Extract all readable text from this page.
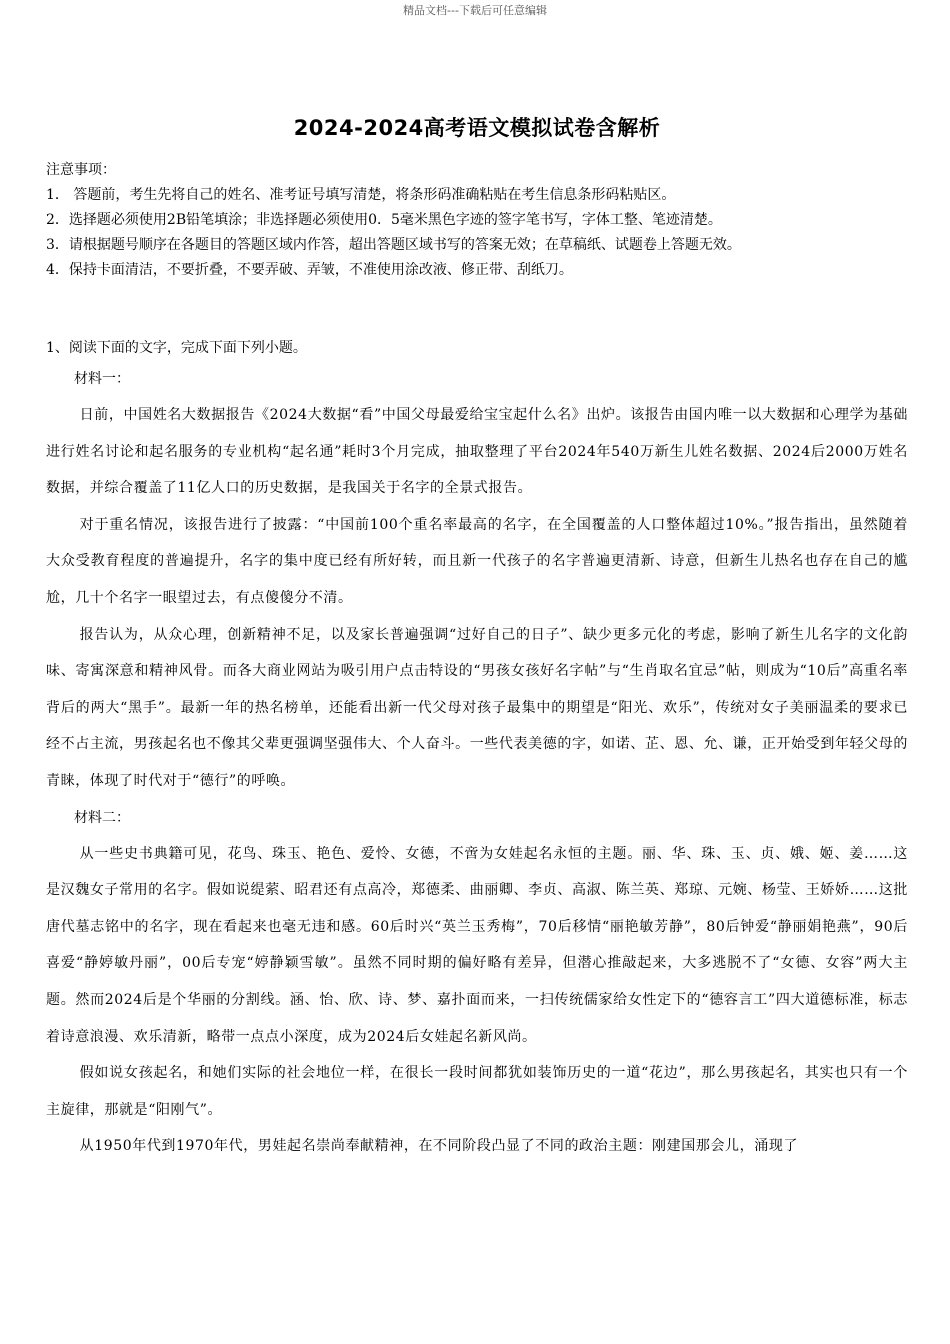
精品文档---下载后可任意编辑
2024-2024高考语文模拟试卷含解析
注意事项：
1． 答题前，考生先将自己的姓名、准考证号填写清楚，将条形码准确粘贴在考生信息条形码粘贴区。
2．选择题必须使用2B铅笔填涂；非选择题必须使用0．5毫米黑色字迹的签字笔书写，字体工整、笔迹清楚。
3．请根据题号顺序在各题目的答题区域内作答，超出答题区域书写的答案无效；在草稿纸、试题卷上答题无效。
4．保持卡面清洁，不要折叠，不要弄破、弄皱，不准使用涂改液、修正带、刮纸刀。
1、阅读下面的文字，完成下面下列小题。
材料一：

日前，中国姓名大数据报告《2024大数据“看”中国父母最爱给宝宝起什么名》出炉。该报告由国内唯一以大数据和心理学为基础进行姓名讨论和起名服务的专业机构“起名通”耗时3个月完成，抽取整理了平台2024年540万新生儿姓名数据、2024后2000万姓名数据，并综合覆盖了11亿人口的历史数据，是我国关于名字的全景式报告。

对于重名情况，该报告进行了披露：“中国前100个重名率最高的名字，在全国覆盖的人口整体超过10%。”报告指出，虽然随着大众受教育程度的普遍提升，名字的集中度已经有所好转，而且新一代孩子的名字普遍更清新、诗意，但新生儿热名也存在自己的尴尬，几十个名字一眼望过去，有点傻傻分不清。

报告认为，从众心理，创新精神不足，以及家长普遍强调“过好自己的日子”、缺少更多元化的考虑，影响了新生儿名字的文化韵味、寄寓深意和精神风骨。而各大商业网站为吸引用户点击特设的“男孩女孩好名字帖”与“生肖取名宜忌”帖，则成为“10后”高重名率背后的两大“黑手”。最新一年的热名榜单，还能看出新一代父母对孩子最集中的期望是“阳光、欢乐”，传统对女子美丽温柔的要求已经不占主流，男孩起名也不像其父辈更强调坚强伟大、个人奋斗。一些代表美德的字，如诺、芷、恩、允、谦，正开始受到年轻父母的青睐，体现了时代对于“德行”的呼唤。

材料二：

从一些史书典籍可见，花鸟、珠玉、艳色、爱怜、女德，不啻为女娃起名永恒的主题。丽、华、珠、玉、贞、娥、姬、姜……这是汉魏女子常用的名字。假如说缇萦、昭君还有点高冷，郑德柔、曲丽卿、李贞、高淑、陈兰英、郑琼、元婉、杨莹、王娇娇……这批唐代墓志铭中的名字，现在看起来也毫无违和感。60后时兴“英兰玉秀梅”，70后移情“丽艳敏芳静”，80后钟爱“静丽娟艳燕”，90后喜爱“静婷敏丹丽”，00后专宠“婷静颖雪敏”。虽然不同时期的偏好略有差异，但潜心推敲起来，大多逃脱不了“女德、女容”两大主题。然而2024后是个华丽的分割线。涵、怡、欣、诗、梦、嘉扑面而来，一扫传统儒家给女性定下的“德容言工”四大道德标准，标志着诗意浪漫、欢乐清新，略带一点点小深度，成为2024后女娃起名新风尚。

假如说女孩起名，和她们实际的社会地位一样，在很长一段时间都犹如装饰历史的一道“花边”，那么男孩起名，其实也只有一个主旋律，那就是“阳刚气”。

从1950年代到1970年代，男娃起名崇尚奉献精神，在不同阶段凸显了不同的政治主题：刚建国那会儿，涌现了
